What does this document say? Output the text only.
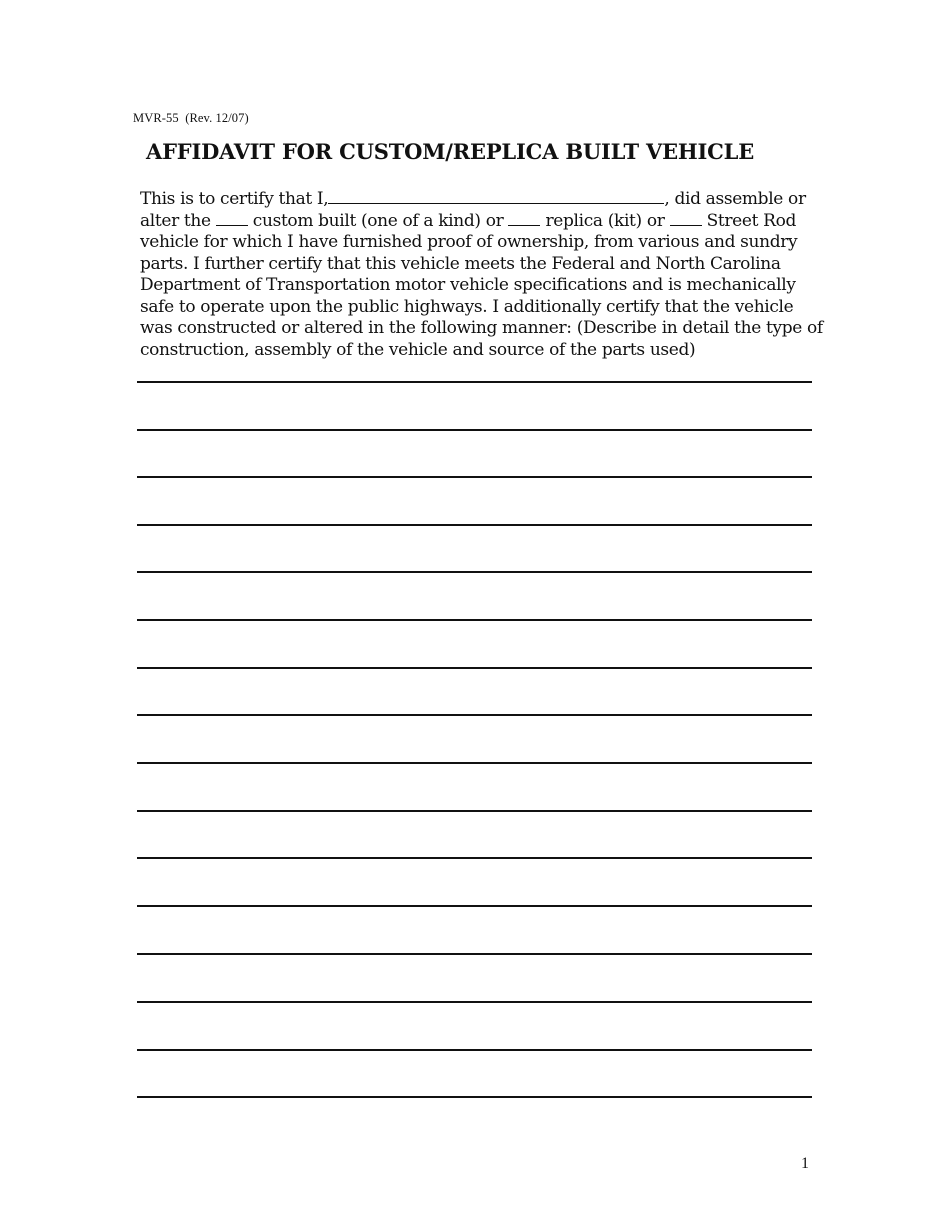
MVR-55  (Rev. 12/07)
AFFIDAVIT FOR CUSTOM/REPLICA BUILT VEHICLE
This is to certify that I,	, did assemble or
alter the  custom built (one of a kind) or  replica (kit) or  Street Rod
vehicle for which I have furnished proof of ownership, from various and sundry
parts. I further certify that this vehicle meets the Federal and North Carolina
Department of Transportation motor vehicle specifications and is mechanically
safe to operate upon the public highways. I additionally certify that the vehicle
was constructed or altered in the following manner: (Describe in detail the type of
construction, assembly of the vehicle and source of the parts used)
1
